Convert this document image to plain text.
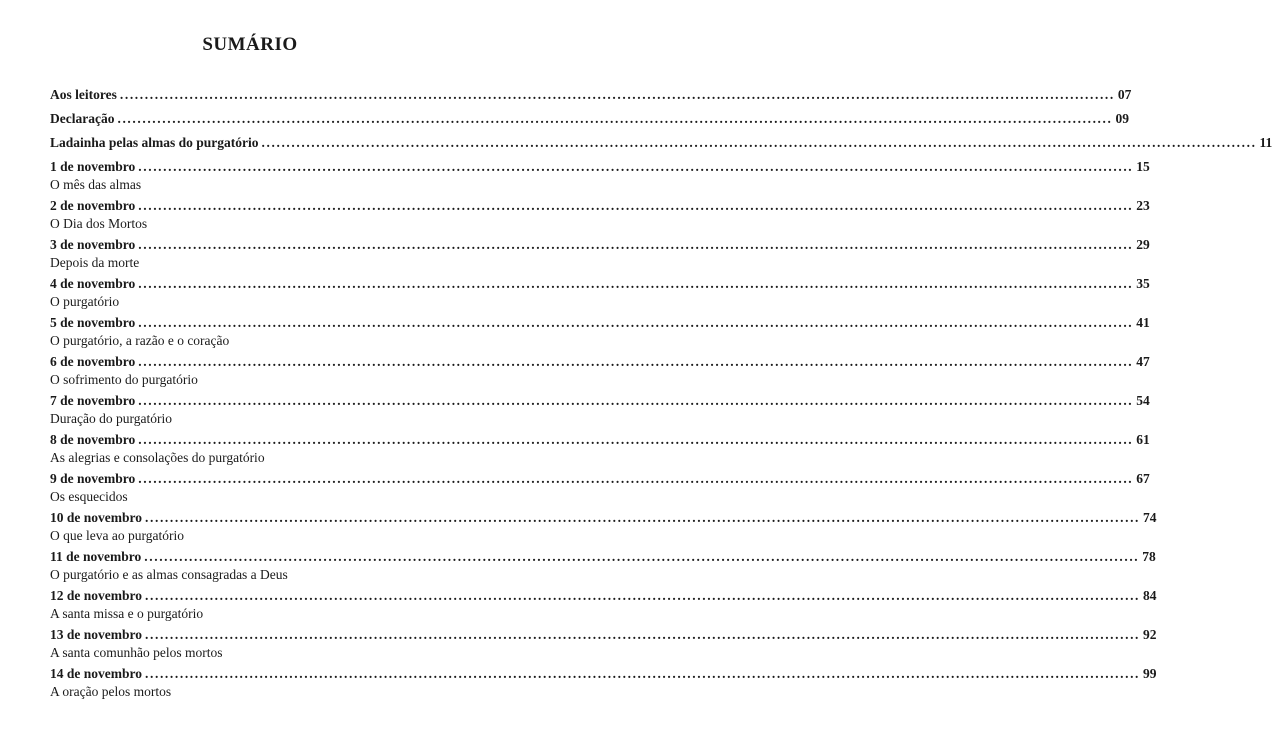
SUMÁRIO
Aos leitores ........................................................................................................................................................................................................ 07
Declaração ........................................................................................................................................................................................................ 09
Ladainha pelas almas do purgatório ........................................................................................................................................................................................................ 11
1 de novembro ........................................................................................................................................................................................................ 15
O mês das almas
2 de novembro ........................................................................................................................................................................................................ 23
O Dia dos Mortos
3 de novembro ........................................................................................................................................................................................................ 29
Depois da morte
4 de novembro ........................................................................................................................................................................................................ 35
O purgatório
5 de novembro ........................................................................................................................................................................................................ 41
O purgatório, a razão e o coração
6 de novembro ........................................................................................................................................................................................................ 47
O sofrimento do purgatório
7 de novembro ........................................................................................................................................................................................................ 54
Duração do purgatório
8 de novembro ........................................................................................................................................................................................................ 61
As alegrias e consolações do purgatório
9 de novembro ........................................................................................................................................................................................................ 67
Os esquecidos
10 de novembro ........................................................................................................................................................................................................ 74
O que leva ao purgatório
11 de novembro ........................................................................................................................................................................................................ 78
O purgatório e as almas consagradas a Deus
12 de novembro ........................................................................................................................................................................................................ 84
A santa missa e o purgatório
13 de novembro ........................................................................................................................................................................................................ 92
A santa comunhão pelos mortos
14 de novembro ........................................................................................................................................................................................................ 99
A oração pelos mortos
